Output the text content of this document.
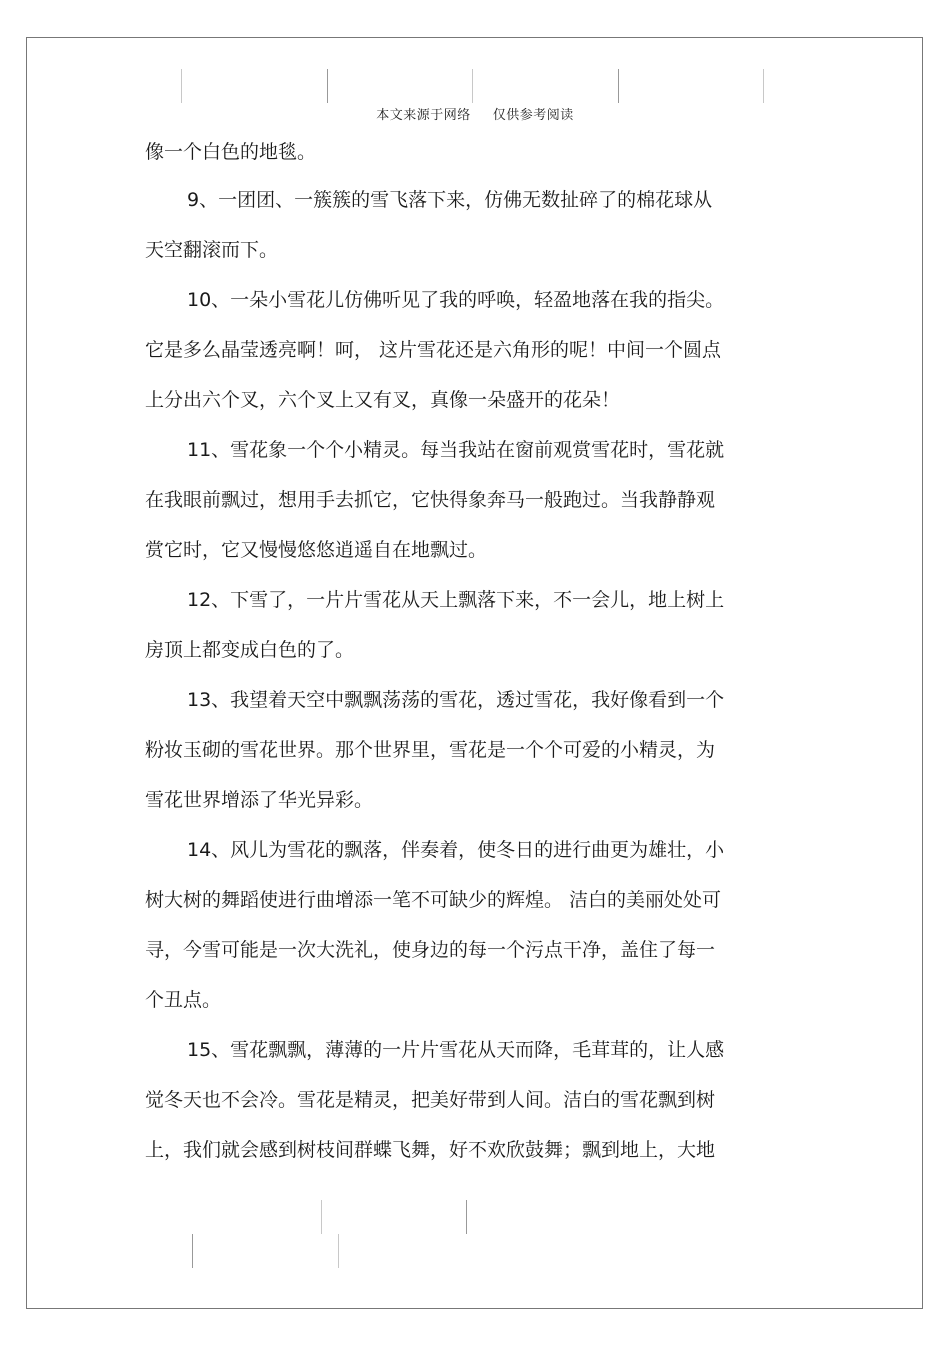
本文来源于网络 仅供参考阅读
像一个白色的地毯。
9、一团团、一簇簇的雪飞落下来，仿佛无数扯碎了的棉花球从
天空翻滚而下。
10、一朵小雪花儿仿佛听见了我的呼唤，轻盈地落在我的指尖。
它是多么晶莹透亮啊！呵， 这片雪花还是六角形的呢！中间一个圆点
上分出六个叉，六个叉上又有叉，真像一朵盛开的花朵！
11、雪花象一个个小精灵。每当我站在窗前观赏雪花时，雪花就
在我眼前飘过，想用手去抓它，它快得象奔马一般跑过。当我静静观
赏它时，它又慢慢悠悠逍遥自在地飘过。
12、下雪了，一片片雪花从天上飘落下来，不一会儿，地上树上
房顶上都变成白色的了。
13、我望着天空中飘飘荡荡的雪花，透过雪花，我好像看到一个
粉妆玉砌的雪花世界。那个世界里，雪花是一个个可爱的小精灵，为
雪花世界增添了华光异彩。
14、风儿为雪花的飘落，伴奏着，使冬日的进行曲更为雄壮，小
树大树的舞蹈使进行曲增添一笔不可缺少的辉煌。 洁白的美丽处处可
寻，今雪可能是一次大洗礼，使身边的每一个污点干净，盖住了每一
个丑点。
15、雪花飘飘，薄薄的一片片雪花从天而降，毛茸茸的，让人感
觉冬天也不会冷。雪花是精灵，把美好带到人间。洁白的雪花飘到树
上，我们就会感到树枝间群蝶飞舞，好不欢欣鼓舞；飘到地上，大地
